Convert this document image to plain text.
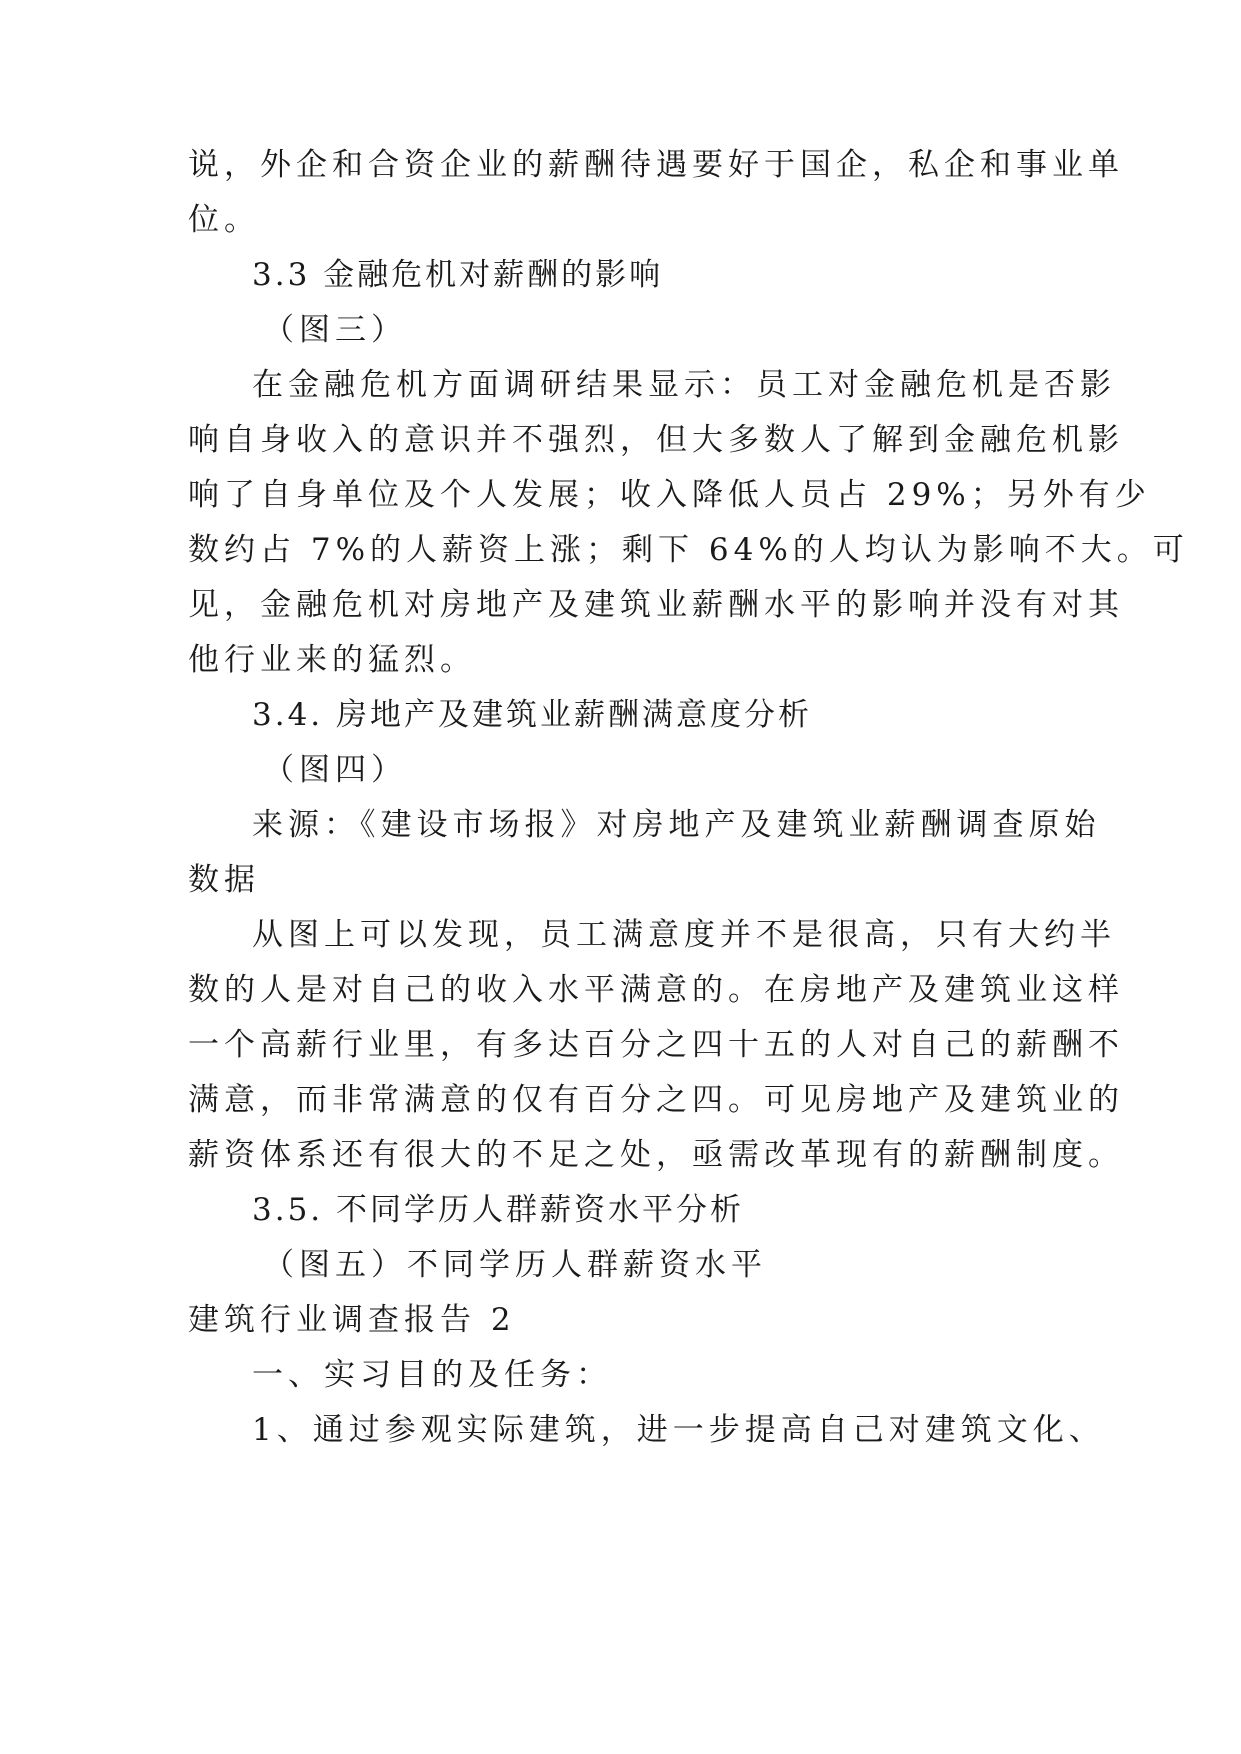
说，外企和合资企业的薪酬待遇要好于国企，私企和事业单
位。
3.3 金融危机对薪酬的影响
（图三）
在金融危机方面调研结果显示：员工对金融危机是否影
响自身收入的意识并不强烈，但大多数人了解到金融危机影
响了自身单位及个人发展；收入降低人员占 29%；另外有少
数约占 7%的人薪资上涨；剩下 64%的人均认为影响不大。可
见，金融危机对房地产及建筑业薪酬水平的影响并没有对其
他行业来的猛烈。
3.4. 房地产及建筑业薪酬满意度分析
（图四）
来源：《建设市场报》对房地产及建筑业薪酬调查原始
数据
从图上可以发现，员工满意度并不是很高，只有大约半
数的人是对自己的收入水平满意的。在房地产及建筑业这样
一个高薪行业里，有多达百分之四十五的人对自己的薪酬不
满意，而非常满意的仅有百分之四。可见房地产及建筑业的
薪资体系还有很大的不足之处，亟需改革现有的薪酬制度。
3.5. 不同学历人群薪资水平分析
（图五）不同学历人群薪资水平
建筑行业调查报告 2
一、实习目的及任务：
1、通过参观实际建筑，进一步提高自己对建筑文化、
